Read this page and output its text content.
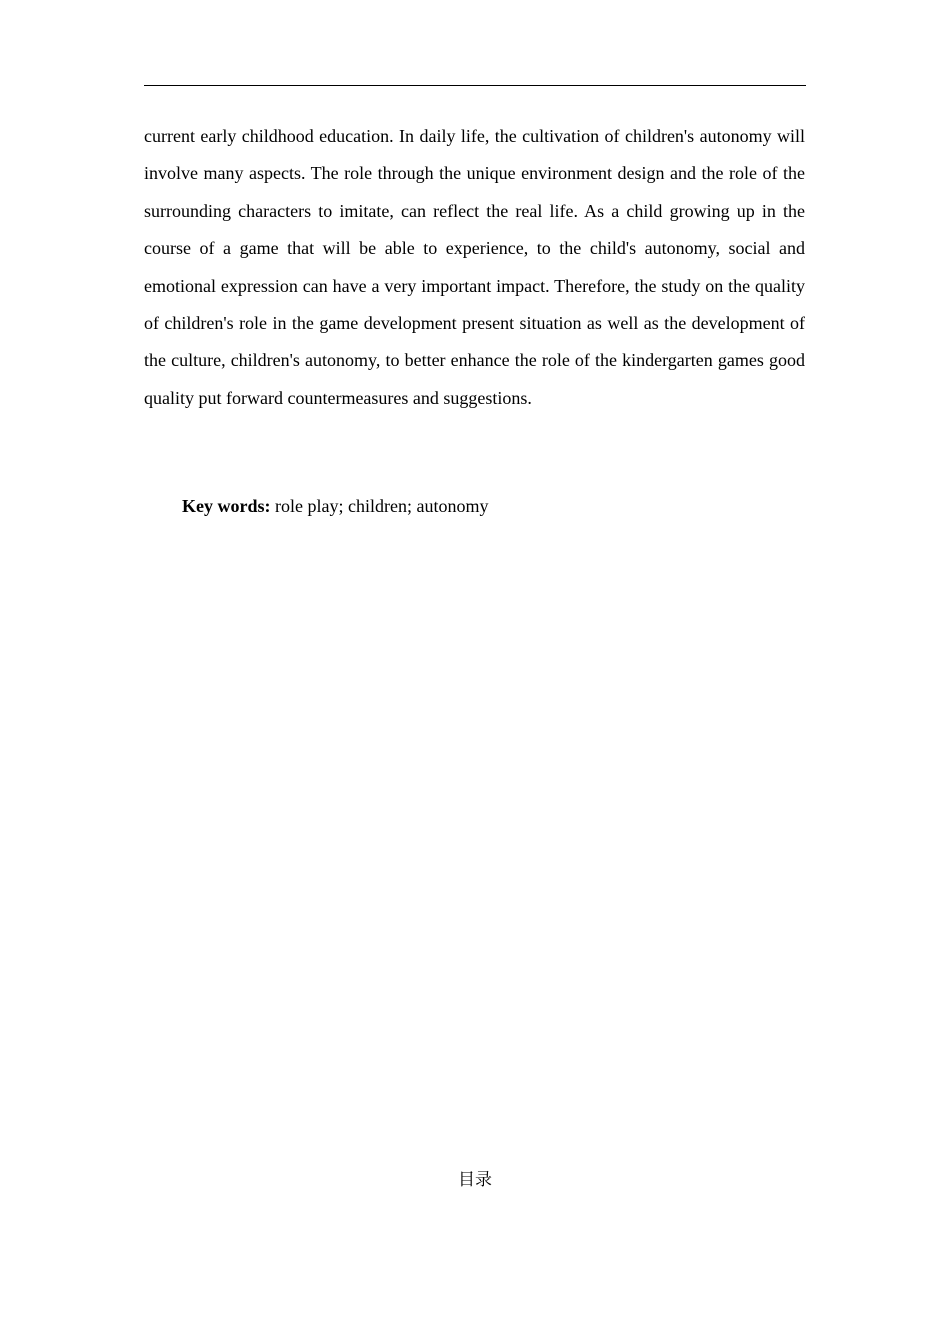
current early childhood education. In daily life, the cultivation of children's autonomy will involve many aspects. The role through the unique environment design and the role of the surrounding characters to imitate, can reflect the real life. As a child growing up in the course of a game that will be able to experience, to the child's autonomy, social and emotional expression can have a very important impact. Therefore, the study on the quality of children's role in the game development present situation as well as the development of the culture, children's autonomy, to better enhance the role of the kindergarten games good quality put forward countermeasures and suggestions.

Key words: role play; children; autonomy

目录
